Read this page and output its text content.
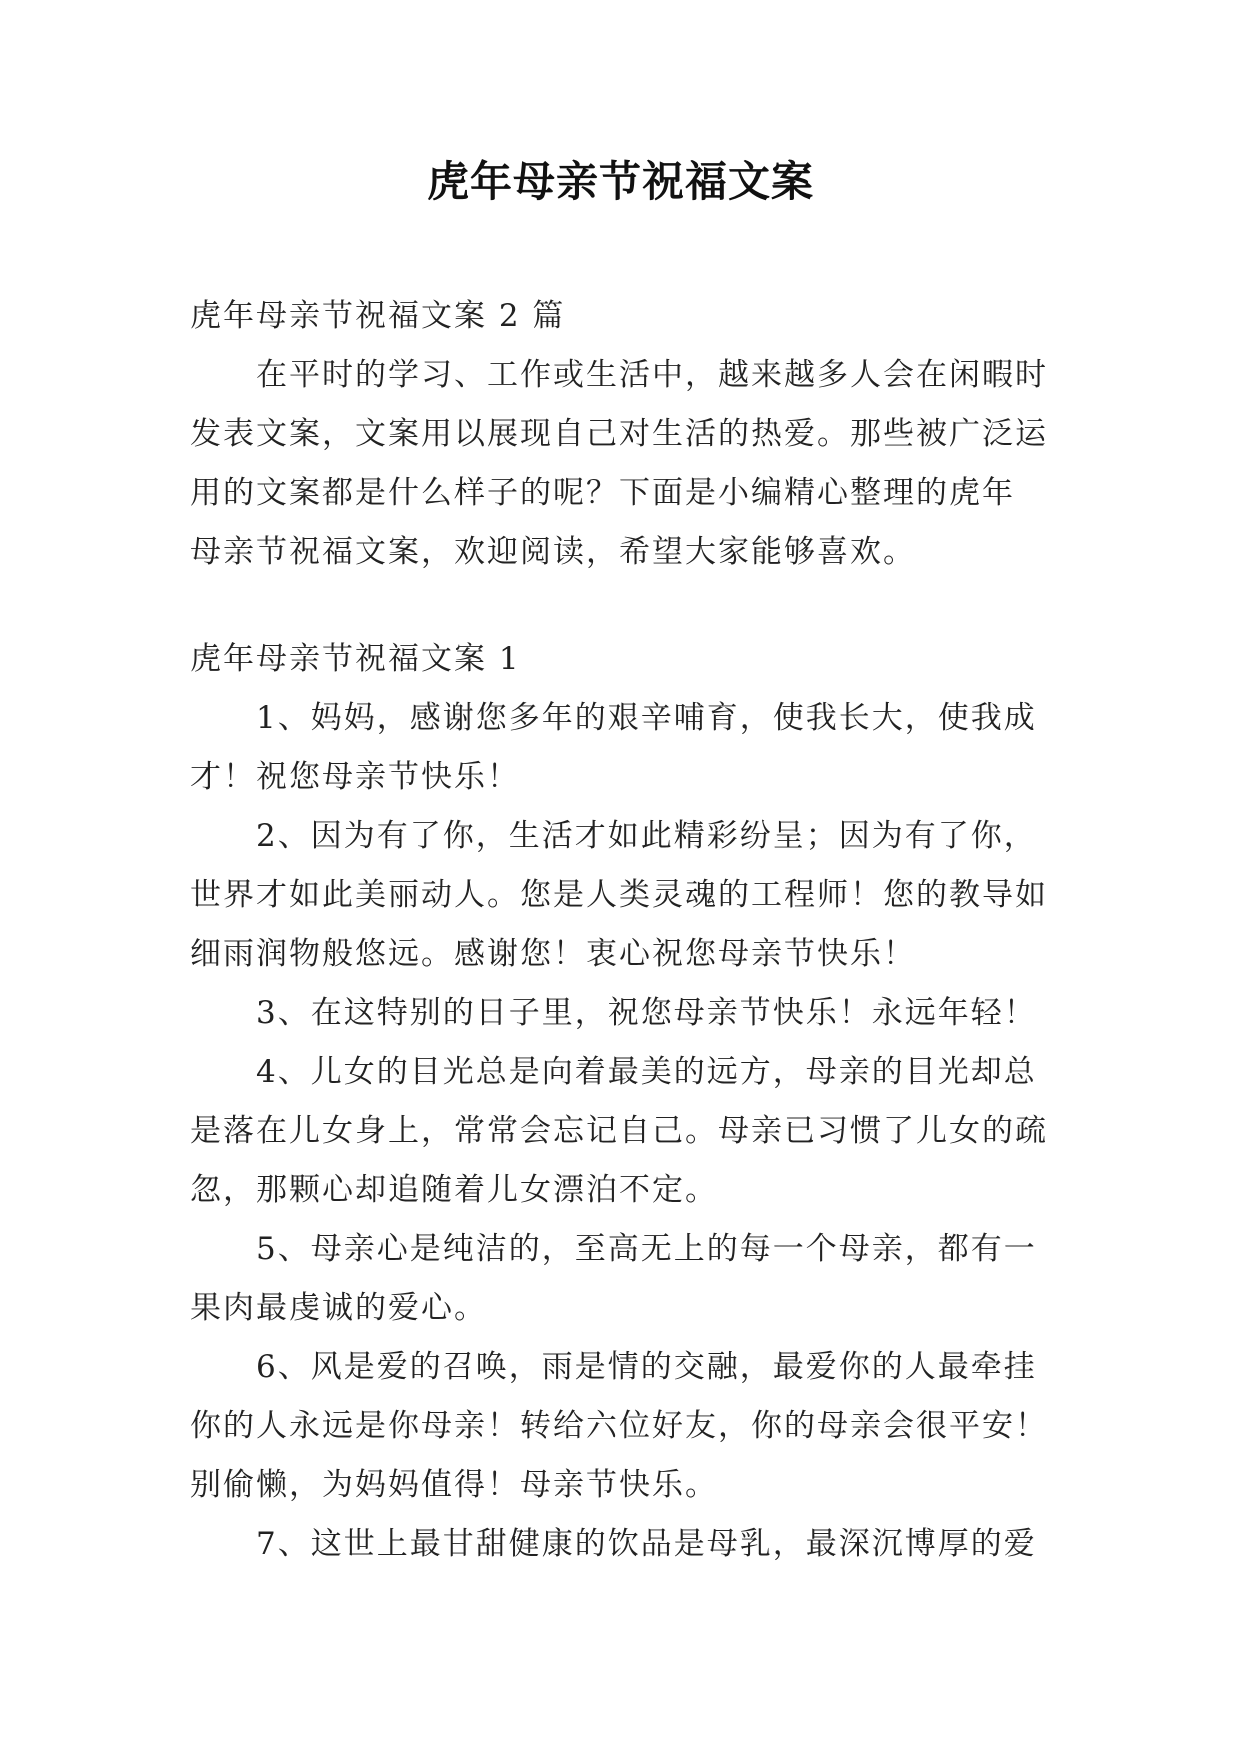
虎年母亲节祝福文案
虎年母亲节祝福文案 2 篇
在平时的学习、工作或生活中，越来越多人会在闲暇时
发表文案，文案用以展现自己对生活的热爱。那些被广泛运
用的文案都是什么样子的呢？下面是小编精心整理的虎年
母亲节祝福文案，欢迎阅读，希望大家能够喜欢。
虎年母亲节祝福文案 1
1、妈妈，感谢您多年的艰辛哺育，使我长大，使我成
才！祝您母亲节快乐！
2、因为有了你，生活才如此精彩纷呈；因为有了你，
世界才如此美丽动人。您是人类灵魂的工程师！您的教导如
细雨润物般悠远。感谢您！衷心祝您母亲节快乐！
3、在这特别的日子里，祝您母亲节快乐！永远年轻！
4、儿女的目光总是向着最美的远方，母亲的目光却总
是落在儿女身上，常常会忘记自己。母亲已习惯了儿女的疏
忽，那颗心却追随着儿女漂泊不定。
5、母亲心是纯洁的，至高无上的每一个母亲，都有一
果肉最虔诚的爱心。
6、风是爱的召唤，雨是情的交融，最爱你的人最牵挂
你的人永远是你母亲！转给六位好友，你的母亲会很平安！
别偷懒，为妈妈值得！母亲节快乐。
7、这世上最甘甜健康的饮品是母乳，最深沉博厚的爱
